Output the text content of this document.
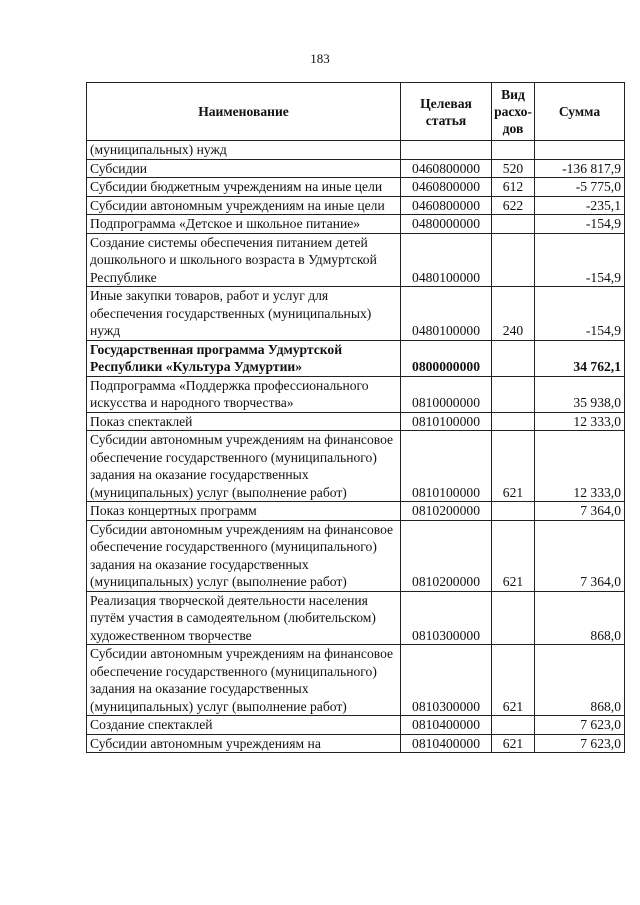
183
Наименование	Целевая статья	Вид расхо-дов	Сумма
(муниципальных) нужд			
Субсидии	0460800000	520	-136 817,9
Субсидии бюджетным учреждениям на иные цели	0460800000	612	-5 775,0
Субсидии автономным учреждениям на иные цели	0460800000	622	-235,1
Подпрограмма «Детское и школьное питание»	0480000000		-154,9
Создание системы обеспечения питанием детей дошкольного и школьного возраста в Удмуртской Республике	0480100000		-154,9
Иные закупки товаров, работ и услуг для обеспечения государственных (муниципальных) нужд	0480100000	240	-154,9
Государственная программа Удмуртской Республики «Культура Удмуртии»	0800000000		34 762,1
Подпрограмма «Поддержка профессионального искусства и народного творчества»	0810000000		35 938,0
Показ спектаклей	0810100000		12 333,0
Субсидии автономным учреждениям на финансовое обеспечение государственного (муниципального) задания на оказание государственных (муниципальных) услуг (выполнение работ)	0810100000	621	12 333,0
Показ концертных программ	0810200000		7 364,0
Субсидии автономным учреждениям на финансовое обеспечение государственного (муниципального) задания на оказание государственных (муниципальных) услуг (выполнение работ)	0810200000	621	7 364,0
Реализация творческой деятельности населения путём участия в самодеятельном (любительском) художественном творчестве	0810300000		868,0
Субсидии автономным учреждениям на финансовое обеспечение государственного (муниципального) задания на оказание государственных (муниципальных) услуг (выполнение работ)	0810300000	621	868,0
Создание спектаклей	0810400000		7 623,0
Субсидии автономным учреждениям на	0810400000	621	7 623,0
